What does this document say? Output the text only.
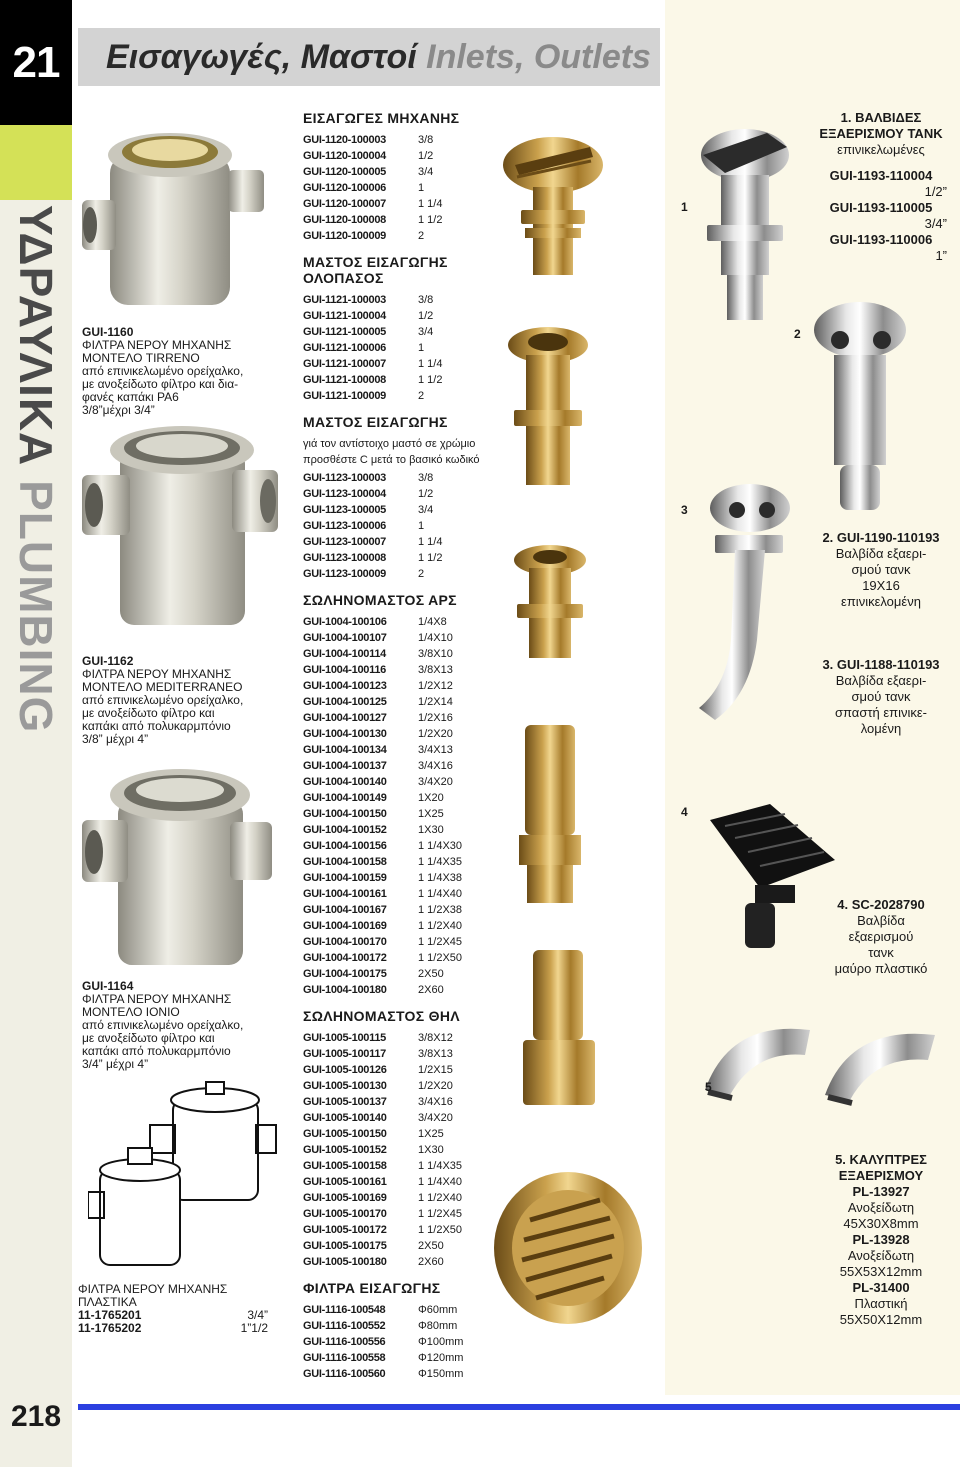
21
ΥΔΡΑΥΛΙΚΑ PLUMBING
218
Εισαγωγές, Μαστοί Inlets, Outlets
GUI-1160
ΦΙΛΤΡΑ ΝΕΡΟΥ ΜΗΧΑΝΗΣ
ΜΟΝΤΕΛΟ TIRRENO
από επινικελωμένο ορείχαλκο,
με ανοξείδωτο φίλτρο και δια-
φανές καπάκι PA6
3/8”μέχρι 3/4”
GUI-1162
ΦΙΛΤΡΑ ΝΕΡΟΥ ΜΗΧΑΝΗΣ
ΜΟΝΤΕΛΟ MEDITERRANEO
από επινικελωμένο ορείχαλκο,
με ανοξείδωτο φίλτρο και
καπάκι από πολυκαρμπόνιο
3/8” μέχρι 4”
GUI-1164
ΦΙΛΤΡΑ ΝΕΡΟΥ ΜΗΧΑΝΗΣ
ΜΟΝΤΕΛΟ IONIO
από επινικελωμένο ορείχαλκο,
με ανοξείδωτο φίλτρο και
καπάκι από πολυκαρμπόνιο
3/4” μέχρι 4”
ΦΙΛΤΡΑ ΝΕΡΟΥ ΜΗΧΑΝΗΣ
ΠΛΑΣΤΙΚΑ
11-1765201	3/4”
11-1765202	1”1/2
ΕΙΣΑΓΩΓΕΣ ΜΗΧΑΝΗΣ
GUI-1120-100003	3/8
GUI-1120-100004	1/2
GUI-1120-100005	3/4
GUI-1120-100006	1
GUI-1120-100007	1 1/4
GUI-1120-100008	1 1/2
GUI-1120-100009	2
ΜΑΣΤΟΣ ΕΙΣΑΓΩΓΗΣ ΟΛΟΠΑΣΟΣ
GUI-1121-100003	3/8
GUI-1121-100004	1/2
GUI-1121-100005	3/4
GUI-1121-100006	1
GUI-1121-100007	1 1/4
GUI-1121-100008	1 1/2
GUI-1121-100009	2
ΜΑΣΤΟΣ ΕΙΣΑΓΩΓΗΣ
γιά τον αντίστοιχο μαστό σε χρώμιο προσθέστε C μετά το βασικό κωδικό
GUI-1123-100003	3/8
GUI-1123-100004	1/2
GUI-1123-100005	3/4
GUI-1123-100006	1
GUI-1123-100007	1 1/4
GUI-1123-100008	1 1/2
GUI-1123-100009	2
ΣΩΛΗΝΟΜΑΣΤΟΣ ΑΡΣ
GUI-1004-100106	1/4X8
GUI-1004-100107	1/4X10
GUI-1004-100114	3/8X10
GUI-1004-100116	3/8X13
GUI-1004-100123	1/2X12
GUI-1004-100125	1/2X14
GUI-1004-100127	1/2X16
GUI-1004-100130	1/2X20
GUI-1004-100134	3/4X13
GUI-1004-100137	3/4X16
GUI-1004-100140	3/4X20
GUI-1004-100149	1X20
GUI-1004-100150	1X25
GUI-1004-100152	1X30
GUI-1004-100156	1 1/4X30
GUI-1004-100158	1 1/4X35
GUI-1004-100159	1 1/4X38
GUI-1004-100161	1 1/4X40
GUI-1004-100167	1 1/2X38
GUI-1004-100169	1 1/2X40
GUI-1004-100170	1 1/2X45
GUI-1004-100172	1 1/2X50
GUI-1004-100175	2X50
GUI-1004-100180	2X60
ΣΩΛΗΝΟΜΑΣΤΟΣ ΘΗΛ
GUI-1005-100115	3/8X12
GUI-1005-100117	3/8X13
GUI-1005-100126	1/2X15
GUI-1005-100130	1/2X20
GUI-1005-100137	3/4X16
GUI-1005-100140	3/4X20
GUI-1005-100150	1X25
GUI-1005-100152	1X30
GUI-1005-100158	1 1/4X35
GUI-1005-100161	1 1/4X40
GUI-1005-100169	1 1/2X40
GUI-1005-100170	1 1/2X45
GUI-1005-100172	1 1/2X50
GUI-1005-100175	2X50
GUI-1005-100180	2X60
ΦΙΛΤΡΑ ΕΙΣΑΓΩΓΗΣ
GUI-1116-100548	Φ60mm
GUI-1116-100552	Φ80mm
GUI-1116-100556	Φ100mm
GUI-1116-100558	Φ120mm
GUI-1116-100560	Φ150mm
1
2
3
4
5
1. ΒΑΛΒΙΔΕΣ ΕΞΑΕΡΙΣΜΟΥ ΤΑΝΚ
επινικελωμένες
GUI-1193-110004
1/2”
GUI-1193-110005
3/4”
GUI-1193-110006
1”
2. GUI-1190-110193
Βαλβίδα εξαερι-
σμού τανκ
19X16
επινικελομένη
3. GUI-1188-110193
Βαλβίδα εξαερι-
σμού τανκ
σπαστή επινικε-
λομένη
4. SC-2028790
Βαλβίδα
εξαερισμού
τανκ
μαύρο πλαστικό
5. ΚΑΛΥΠΤΡΕΣ ΕΞΑΕΡΙΣΜΟΥ
PL-13927
Ανοξείδωτη
45X30X8mm
PL-13928
Ανοξείδωτη
55X53X12mm
PL-31400
Πλαστική
55X50X12mm
